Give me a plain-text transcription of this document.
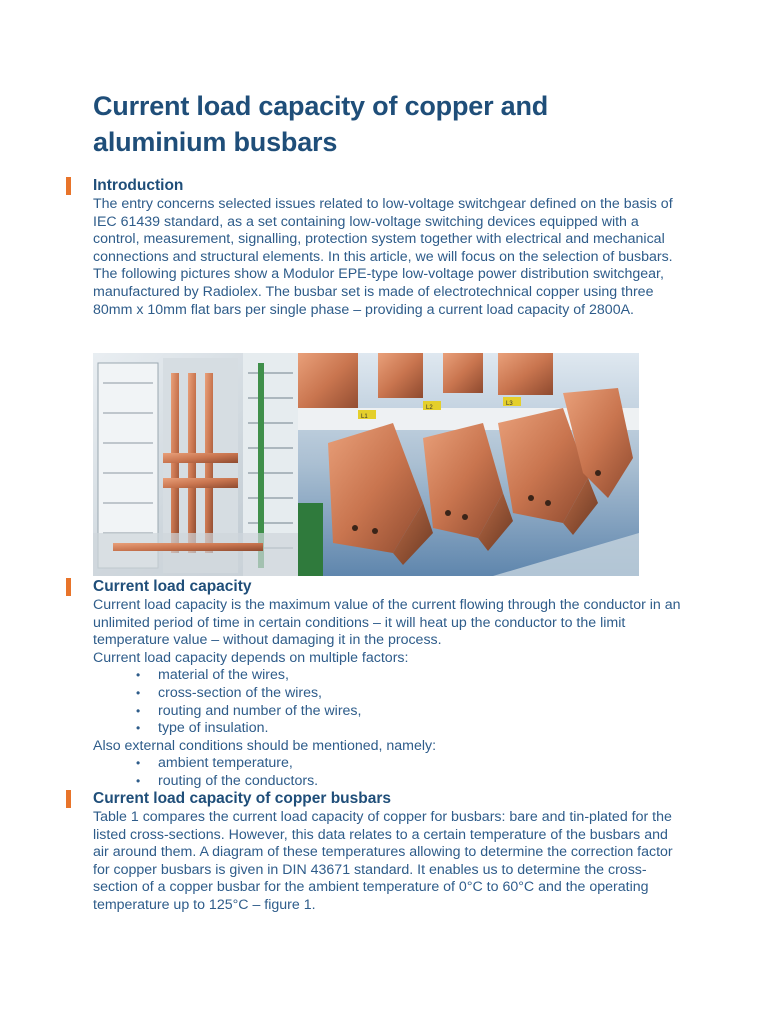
Current load capacity of copper and aluminium busbars
Introduction

The entry concerns selected issues related to low-voltage switchgear defined on the basis of IEC 61439 standard, as a set containing low-voltage switching devices equipped with a control, measurement, signalling, protection system together with electrical and mechanical connections and structural elements. In this article, we will focus on the selection of busbars.

The following pictures show a Modulor EPE-type low-voltage power distribution switchgear, manufactured by Radiolex. The busbar set is made of electrotechnical copper using three 80mm x 10mm flat bars per single phase – providing a current load capacity of 2800A.

L1
L2
L3
Current load capacity

Current load capacity is the maximum value of the current flowing through the conductor in an unlimited period of time in certain conditions – it will heat up the conductor to the limit temperature value – without damaging it in the process.

Current load capacity depends on multiple factors:

• material of the wires,
• cross-section of the wires,
• routing and number of the wires,
• type of insulation.

Also external conditions should be mentioned, namely:

• ambient temperature,
• routing of the conductors.
Current load capacity of copper busbars

Table 1 compares the current load capacity of copper for busbars: bare and tin-plated for the listed cross-sections. However, this data relates to a certain temperature of the busbars and air around them. A diagram of these temperatures allowing to determine the correction factor for copper busbars is given in DIN 43671 standard. It enables us to determine the cross-section of a copper busbar for the ambient temperature of 0°C to 60°C and the operating temperature up to 125°C – figure 1.
